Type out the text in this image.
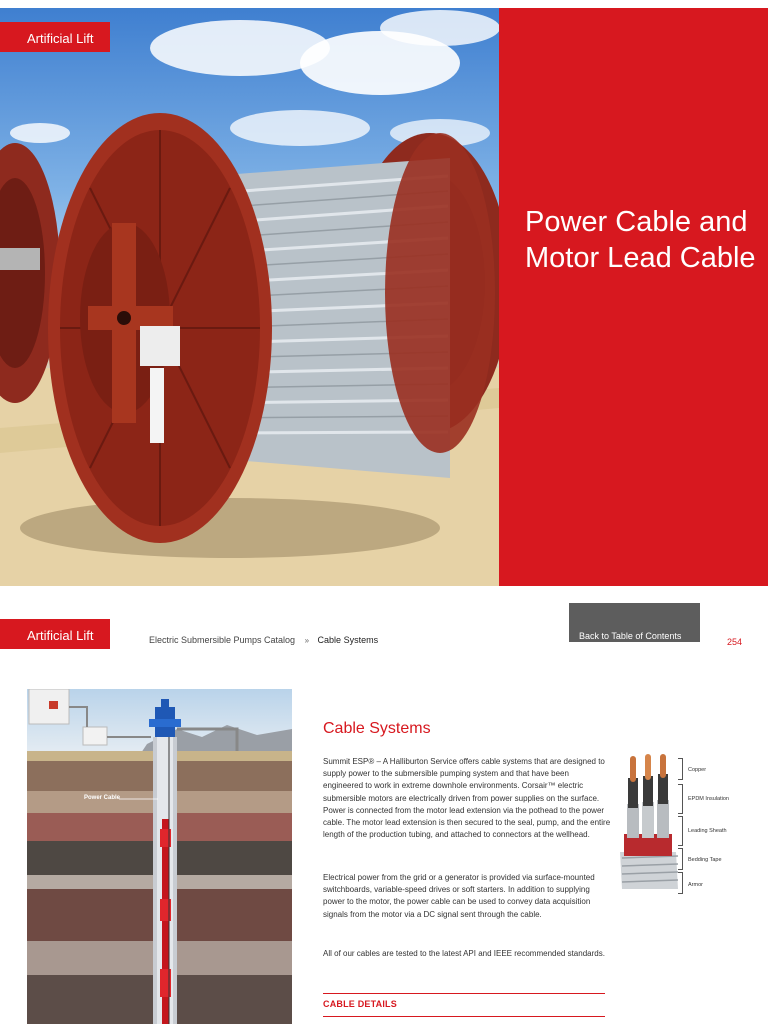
Power Cable and Motor Lead Cable
Artificial Lift
Artificial Lift	Electric Submersible Pumps Catalog » Cable Systems	Back to Table of Contents
254
Power Cable
Cable Systems

Summit ESP® – A Halliburton Service offers cable systems that are designed to supply power to the submersible pumping system and that have been engineered to work in extreme downhole environments. Corsair™ electric submersible motors are electrically driven from power supplies on the surface. Power is connected from the motor lead extension via the pothead to the power cable. The motor lead extension is then secured to the seal, pump, and the entire length of the production tubing, and attached to connectors at the wellhead.

Electrical power from the grid or a generator is provided via surface-mounted switchboards, variable-speed drives or soft starters. In addition to supplying power to the motor, the power cable can be used to convey data acquisition signals from the motor via a DC signal sent through the cable.

All of our cables are tested to the latest API and IEEE recommended standards.

CABLE DETAILS
Copper
EPDM Insulation
Leading Sheath
Bedding Tape
Armor
